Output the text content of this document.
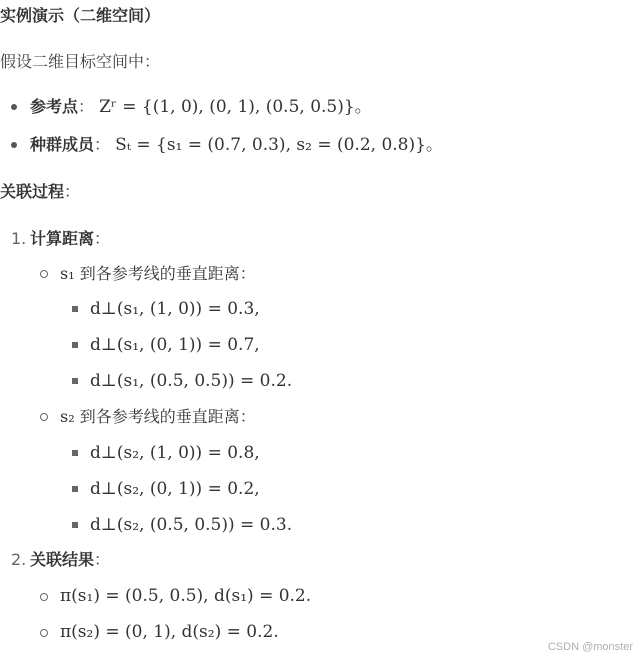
实例演示（二维空间）
假设二维目标空间中：
参考点： Zʳ = {(1, 0), (0, 1), (0.5, 0.5)}。
种群成员： Sₜ = {s₁ = (0.7, 0.3), s₂ = (0.2, 0.8)}。
关联过程：
1. 计算距离：
s₁ 到各参考线的垂直距离：
d⊥(s₁, (1, 0)) = 0.3,
d⊥(s₁, (0, 1)) = 0.7,
d⊥(s₁, (0.5, 0.5)) = 0.2.
s₂ 到各参考线的垂直距离：
d⊥(s₂, (1, 0)) = 0.8,
d⊥(s₂, (0, 1)) = 0.2,
d⊥(s₂, (0.5, 0.5)) = 0.3.
2. 关联结果：
π(s₁) = (0.5, 0.5), d(s₁) = 0.2.
π(s₂) = (0, 1), d(s₂) = 0.2.
CSDN @monster
